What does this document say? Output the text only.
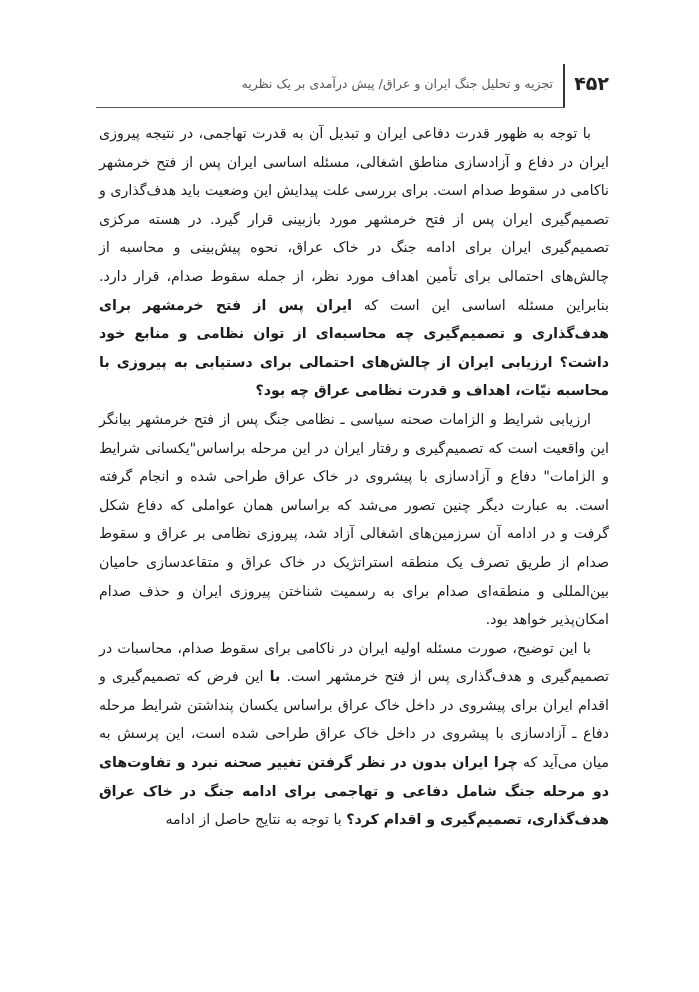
۴۵۲
تجزیه و تحلیل جنگ ایران و عراق/ پیش درآمدی بر یک نظریه

با توجه به ظهور قدرت دفاعی ایران و تبدیل آن به قدرت تهاجمی، در نتیجه پیروزی ایران در دفاع و آزادسازی مناطق اشغالی، مسئله اساسی ایران پس از فتح خرمشهر ناکامی در سقوط صدام است. برای بررسی علت پیدایش این وضعیت باید هدف‌گذاری و تصمیم‌گیری ایران پس از فتح خرمشهر مورد بازبینی قرار گیرد. در هسته مرکزی تصمیم‌گیری ایران برای ادامه جنگ در خاک عراق، نحوه پیش‌بینی و محاسبه از چالش‌های احتمالی برای تأمین اهداف مورد نظر، از جمله سقوط صدام، قرار دارد. بنابراین مسئله اساسی این است که ایران پس از فتح خرمشهر برای هدف‌گذاری و تصمیم‌گیری چه محاسبه‌ای از توان نظامی و منابع خود داشت؟ ارزیابی ایران از چالش‌های احتمالی برای دستیابی به پیروزی با محاسبه نیّات، اهداف و قدرت نظامی عراق چه بود؟

ارزیابی شرایط و الزامات صحنه سیاسی ـ نظامی جنگ پس از فتح خرمشهر بیانگر این واقعیت است که تصمیم‌گیری و رفتار ایران در این مرحله براساس"یکسانی شرایط و الزامات" دفاع و آزادسازی با پیشروی در خاک عراق طراحی شده و انجام گرفته است. به عبارت دیگر چنین تصور می‌شد که براساس همان عواملی که دفاع شکل گرفت و در ادامه آن سرزمین‌های اشغالی آزاد شد، پیروزی نظامی بر عراق و سقوط صدام از طریق تصرف یک منطقه استراتژیک در خاک عراق و متقاعدسازی حامیان بین‌المللی و منطقه‌ای صدام برای به رسمیت شناختن پیروزی ایران و حذف صدام امکان‌پذیر خواهد بود.

با این توضیح، صورت مسئله اولیه ایران در ناکامی برای سقوط صدام، محاسبات در تصمیم‌گیری و هدف‌گذاری پس از فتح خرمشهر است. با این فرض که تصمیم‌گیری و اقدام ایران برای پیشروی در داخل خاک عراق براساس یکسان پنداشتن شرایط مرحله دفاع ـ آزادسازی با پیشروی در داخل خاک عراق طراحی شده است، این پرسش به میان می‌آید که چرا ایران بدون در نظر گرفتن تغییر صحنه نبرد و تفاوت‌های دو مرحله جنگ شامل دفاعی و تهاجمی برای ادامه جنگ در خاک عراق هدف‌گذاری، تصمیم‌گیری و اقدام کرد؟ با توجه به نتایج حاصل از ادامه
